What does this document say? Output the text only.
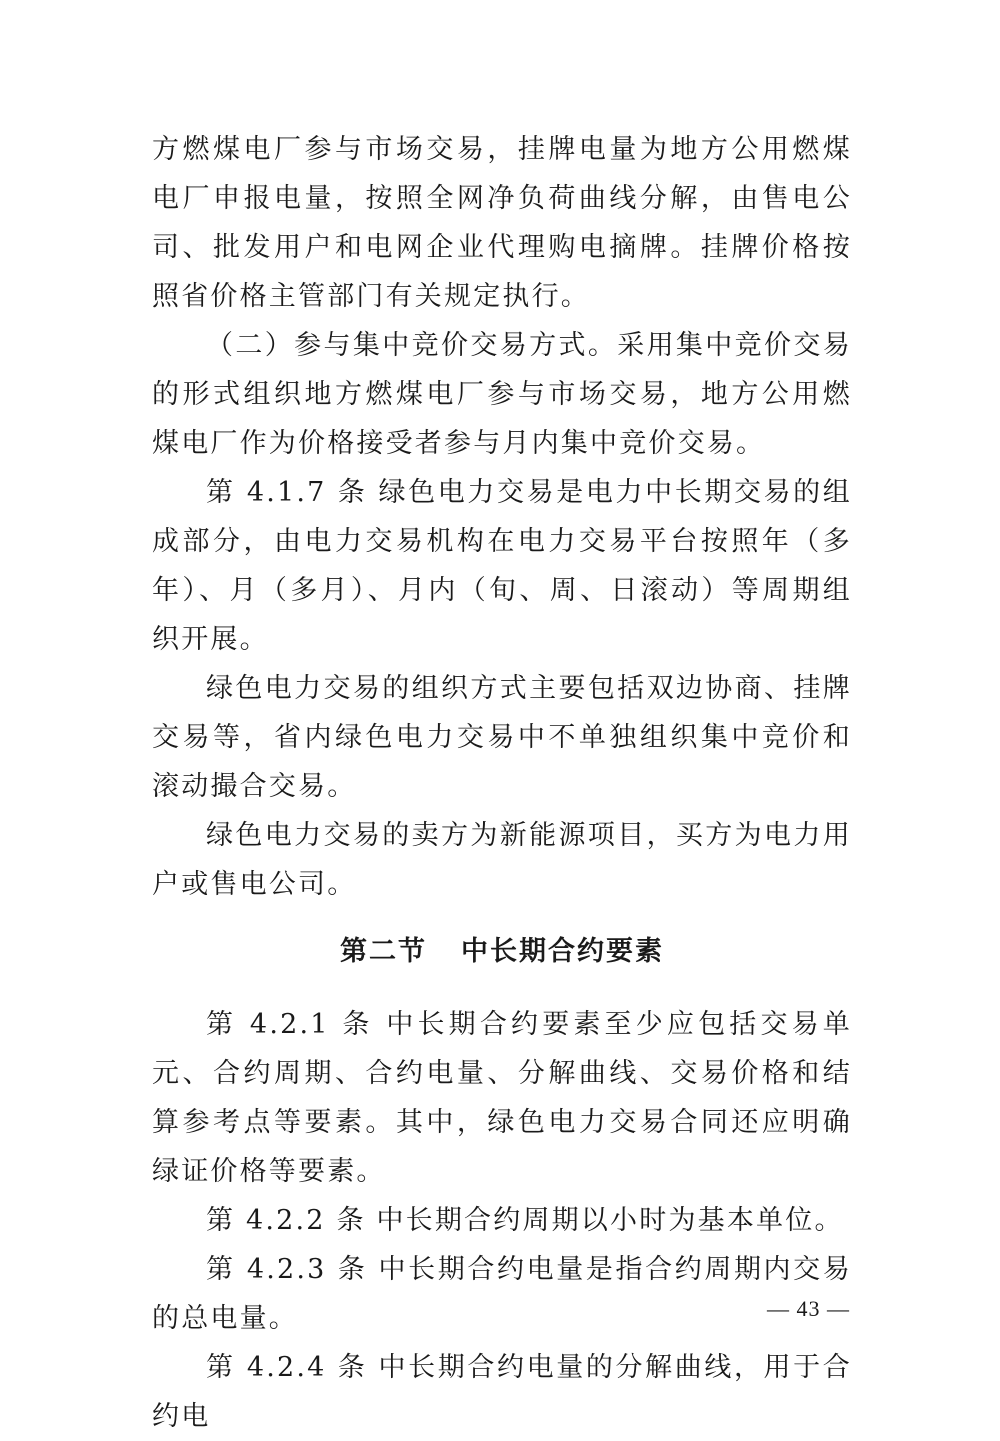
方燃煤电厂参与市场交易，挂牌电量为地方公用燃煤电厂申报电量，按照全网净负荷曲线分解，由售电公司、批发用户和电网企业代理购电摘牌。挂牌价格按照省价格主管部门有关规定执行。

（二）参与集中竞价交易方式。采用集中竞价交易的形式组织地方燃煤电厂参与市场交易，地方公用燃煤电厂作为价格接受者参与月内集中竞价交易。

第 4.1.7 条 绿色电力交易是电力中长期交易的组成部分，由电力交易机构在电力交易平台按照年（多年）、月（多月）、月内（旬、周、日滚动）等周期组织开展。

绿色电力交易的组织方式主要包括双边协商、挂牌交易等，省内绿色电力交易中不单独组织集中竞价和滚动撮合交易。

绿色电力交易的卖方为新能源项目，买方为电力用户或售电公司。

第二节 中长期合约要素

第 4.2.1 条 中长期合约要素至少应包括交易单元、合约周期、合约电量、分解曲线、交易价格和结算参考点等要素。其中，绿色电力交易合同还应明确绿证价格等要素。

第 4.2.2 条 中长期合约周期以小时为基本单位。

第 4.2.3 条 中长期合约电量是指合约周期内交易的总电量。

第 4.2.4 条 中长期合约电量的分解曲线，用于合约电

— 43 —
